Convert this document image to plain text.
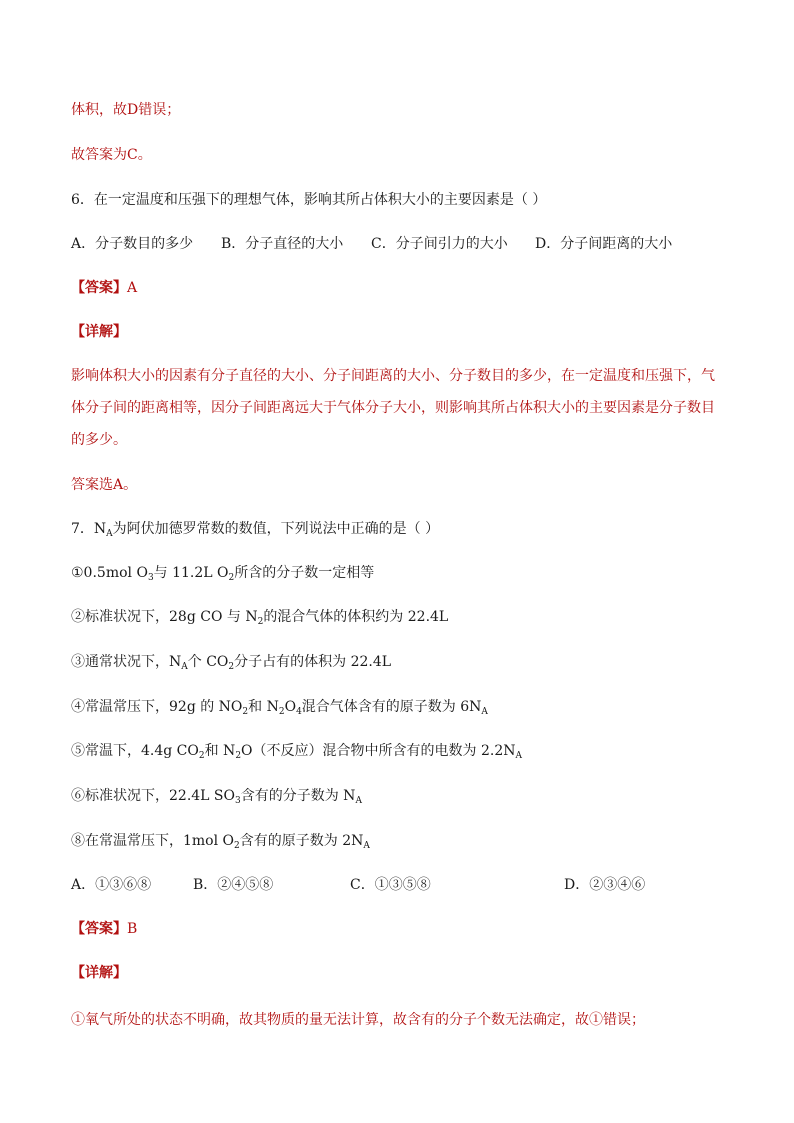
体积，故D错误；
故答案为C。
6．在一定温度和压强下的理想气体，影响其所占体积大小的主要因素是（ ）
A．分子数目的多少 B．分子直径的大小 C．分子间引力的大小 D．分子间距离的大小
【答案】A
【详解】
影响体积大小的因素有分子直径的大小、分子间距离的大小、分子数目的多少，在一定温度和压强下，气
体分子间的距离相等，因分子间距离远大于气体分子大小，则影响其所占体积大小的主要因素是分子数目
的多少。
答案选A。
7．$N_A$为阿伏加德罗常数的数值，下列说法中正确的是（ ）
①0.5mol $O_3$与 11.2L $O_2$所含的分子数一定相等
②标准状况下，28g CO 与 $N_2$的混合气体的体积约为 22.4L
③通常状况下，$N_A$个 $CO_2$分子占有的体积为 22.4L
④常温常压下，92g 的 $NO_2$和 $N_2O_4$混合气体含有的原子数为 $6N_A$
⑤常温下，4.4g $CO_2$和 $N_2O$（不反应）混合物中所含有的电数为 $2.2N_A$
⑥标准状况下，22.4L $SO_3$含有的分子数为 $N_A$
⑧在常温常压下，1mol $O_2$含有的原子数为 $2N_A$
A．①③⑥⑧	B．②④⑤⑧	C．①③⑤⑧	D．②③④⑥
【答案】B
【详解】
①氧气所处的状态不明确，故其物质的量无法计算，故含有的分子个数无法确定，故①错误；
